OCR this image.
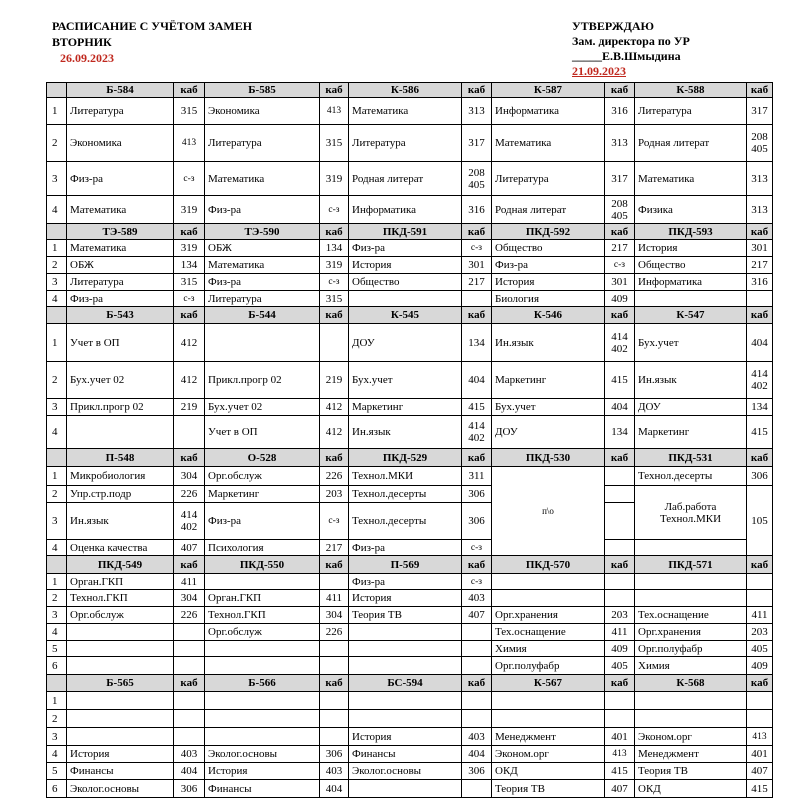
РАСПИСАНИЕ С УЧЁТОМ ЗАМЕН
ВТОРНИК
26.09.2023
УТВЕРЖДАЮ
Зам. директора по УР
_____Е.В.Шмыдина
21.09.2023
	Б-584	каб	Б-585	каб	К-586	каб	К-587	каб	К-588	каб
1	Литература	315	Экономика	413	Математика	313	Информатика	316	Литература	317
2	Экономика	413	Литература	315	Литература	317	Математика	313	Родная литерат	208 405
3	Физ-ра	с-з	Математика	319	Родная литерат	208 405	Литература	317	Математика	313
4	Математика	319	Физ-ра	с-з	Информатика	316	Родная литерат	208 405	Физика	313
	ТЭ-589	каб	ТЭ-590	каб	ПКД-591	каб	ПКД-592	каб	ПКД-593	каб
1	Математика	319	ОБЖ	134	Физ-ра	с-з	Общество	217	История	301
2	ОБЖ	134	Математика	319	История	301	Физ-ра	с-з	Общество	217
3	Литература	315	Физ-ра	с-з	Общество	217	История	301	Информатика	316
4	Физ-ра	с-з	Литература	315			Биология	409		
	Б-543	каб	Б-544	каб	К-545	каб	К-546	каб	К-547	каб
1	Учет в ОП	412			ДОУ	134	Ин.язык	414 402	Бух.учет	404
2	Бух.учет 02	412	Прикл.прогр 02	219	Бух.учет	404	Маркетинг	415	Ин.язык	414 402
3	Прикл.прогр 02	219	Бух.учет 02	412	Маркетинг	415	Бух.учет	404	ДОУ	134
4			Учет в ОП	412	Ин.язык	414 402	ДОУ	134	Маркетинг	415
	П-548	каб	О-528	каб	ПКД-529	каб	ПКД-530	каб	ПКД-531	каб
1	Микробиология	304	Орг.обслуж	226	Технол.МКИ	311	п\о		Технол.десерты	306
2	Упр.стр.подр	226	Маркетинг	203	Технол.десерты	306			Лаб.работа Технол.МКИ	105
3	Ин.язык	414 402	Физ-ра	с-з	Технол.десерты	306				
4	Оценка качества	407	Психология	217	Физ-ра	с-з				
	ПКД-549	каб	ПКД-550	каб	П-569	каб	ПКД-570	каб	ПКД-571	каб
1	Орган.ГКП	411			Физ-ра	с-з				
2	Технол.ГКП	304	Орган.ГКП	411	История	403				
3	Орг.обслуж	226	Технол.ГКП	304	Теория ТВ	407	Орг.хранения	203	Тех.оснащение	411
4			Орг.обслуж	226			Тех.оснащение	411	Орг.хранения	203
5							Химия	409	Орг.полуфабр	405
6							Орг.полуфабр	405	Химия	409
	Б-565	каб	Б-566	каб	БС-594	каб	К-567	каб	К-568	каб
1										
2										
3					История	403	Менеджмент	401	Эконом.орг	413
4	История	403	Эколог.основы	306	Финансы	404	Эконом.орг	413	Менеджмент	401
5	Финансы	404	История	403	Эколог.основы	306	ОКД	415	Теория ТВ	407
6	Эколог.основы	306	Финансы	404			Теория ТВ	407	ОКД	415
